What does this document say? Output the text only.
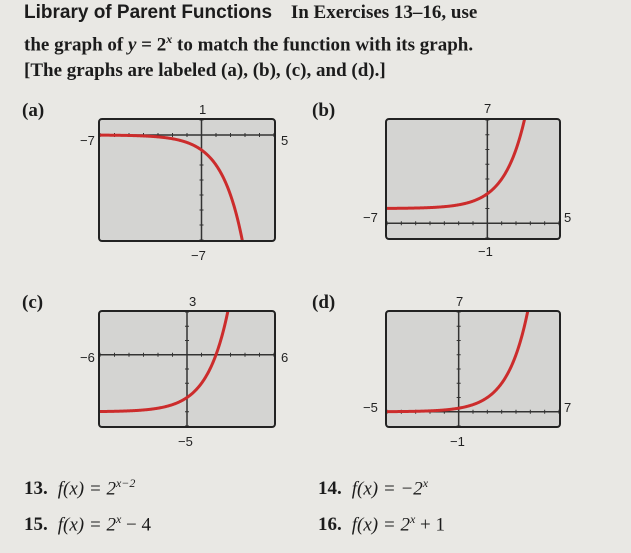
Library of Parent Functions In Exercises 13–16, use
the graph of $y = 2^x$ to match the function with its graph.
[The graphs are labeled (a), (b), (c), and (d).]
(a)	1
−7	5
−7
(b)	7
−7	5
−1
(c)	3
−6	6
−5
(d)	7
−5	7
−1
13. $f(x) = 2^{x-2}$	14. $f(x) = -2^x$
15. $f(x) = 2^x - 4$	16. $f(x) = 2^x + 1$
